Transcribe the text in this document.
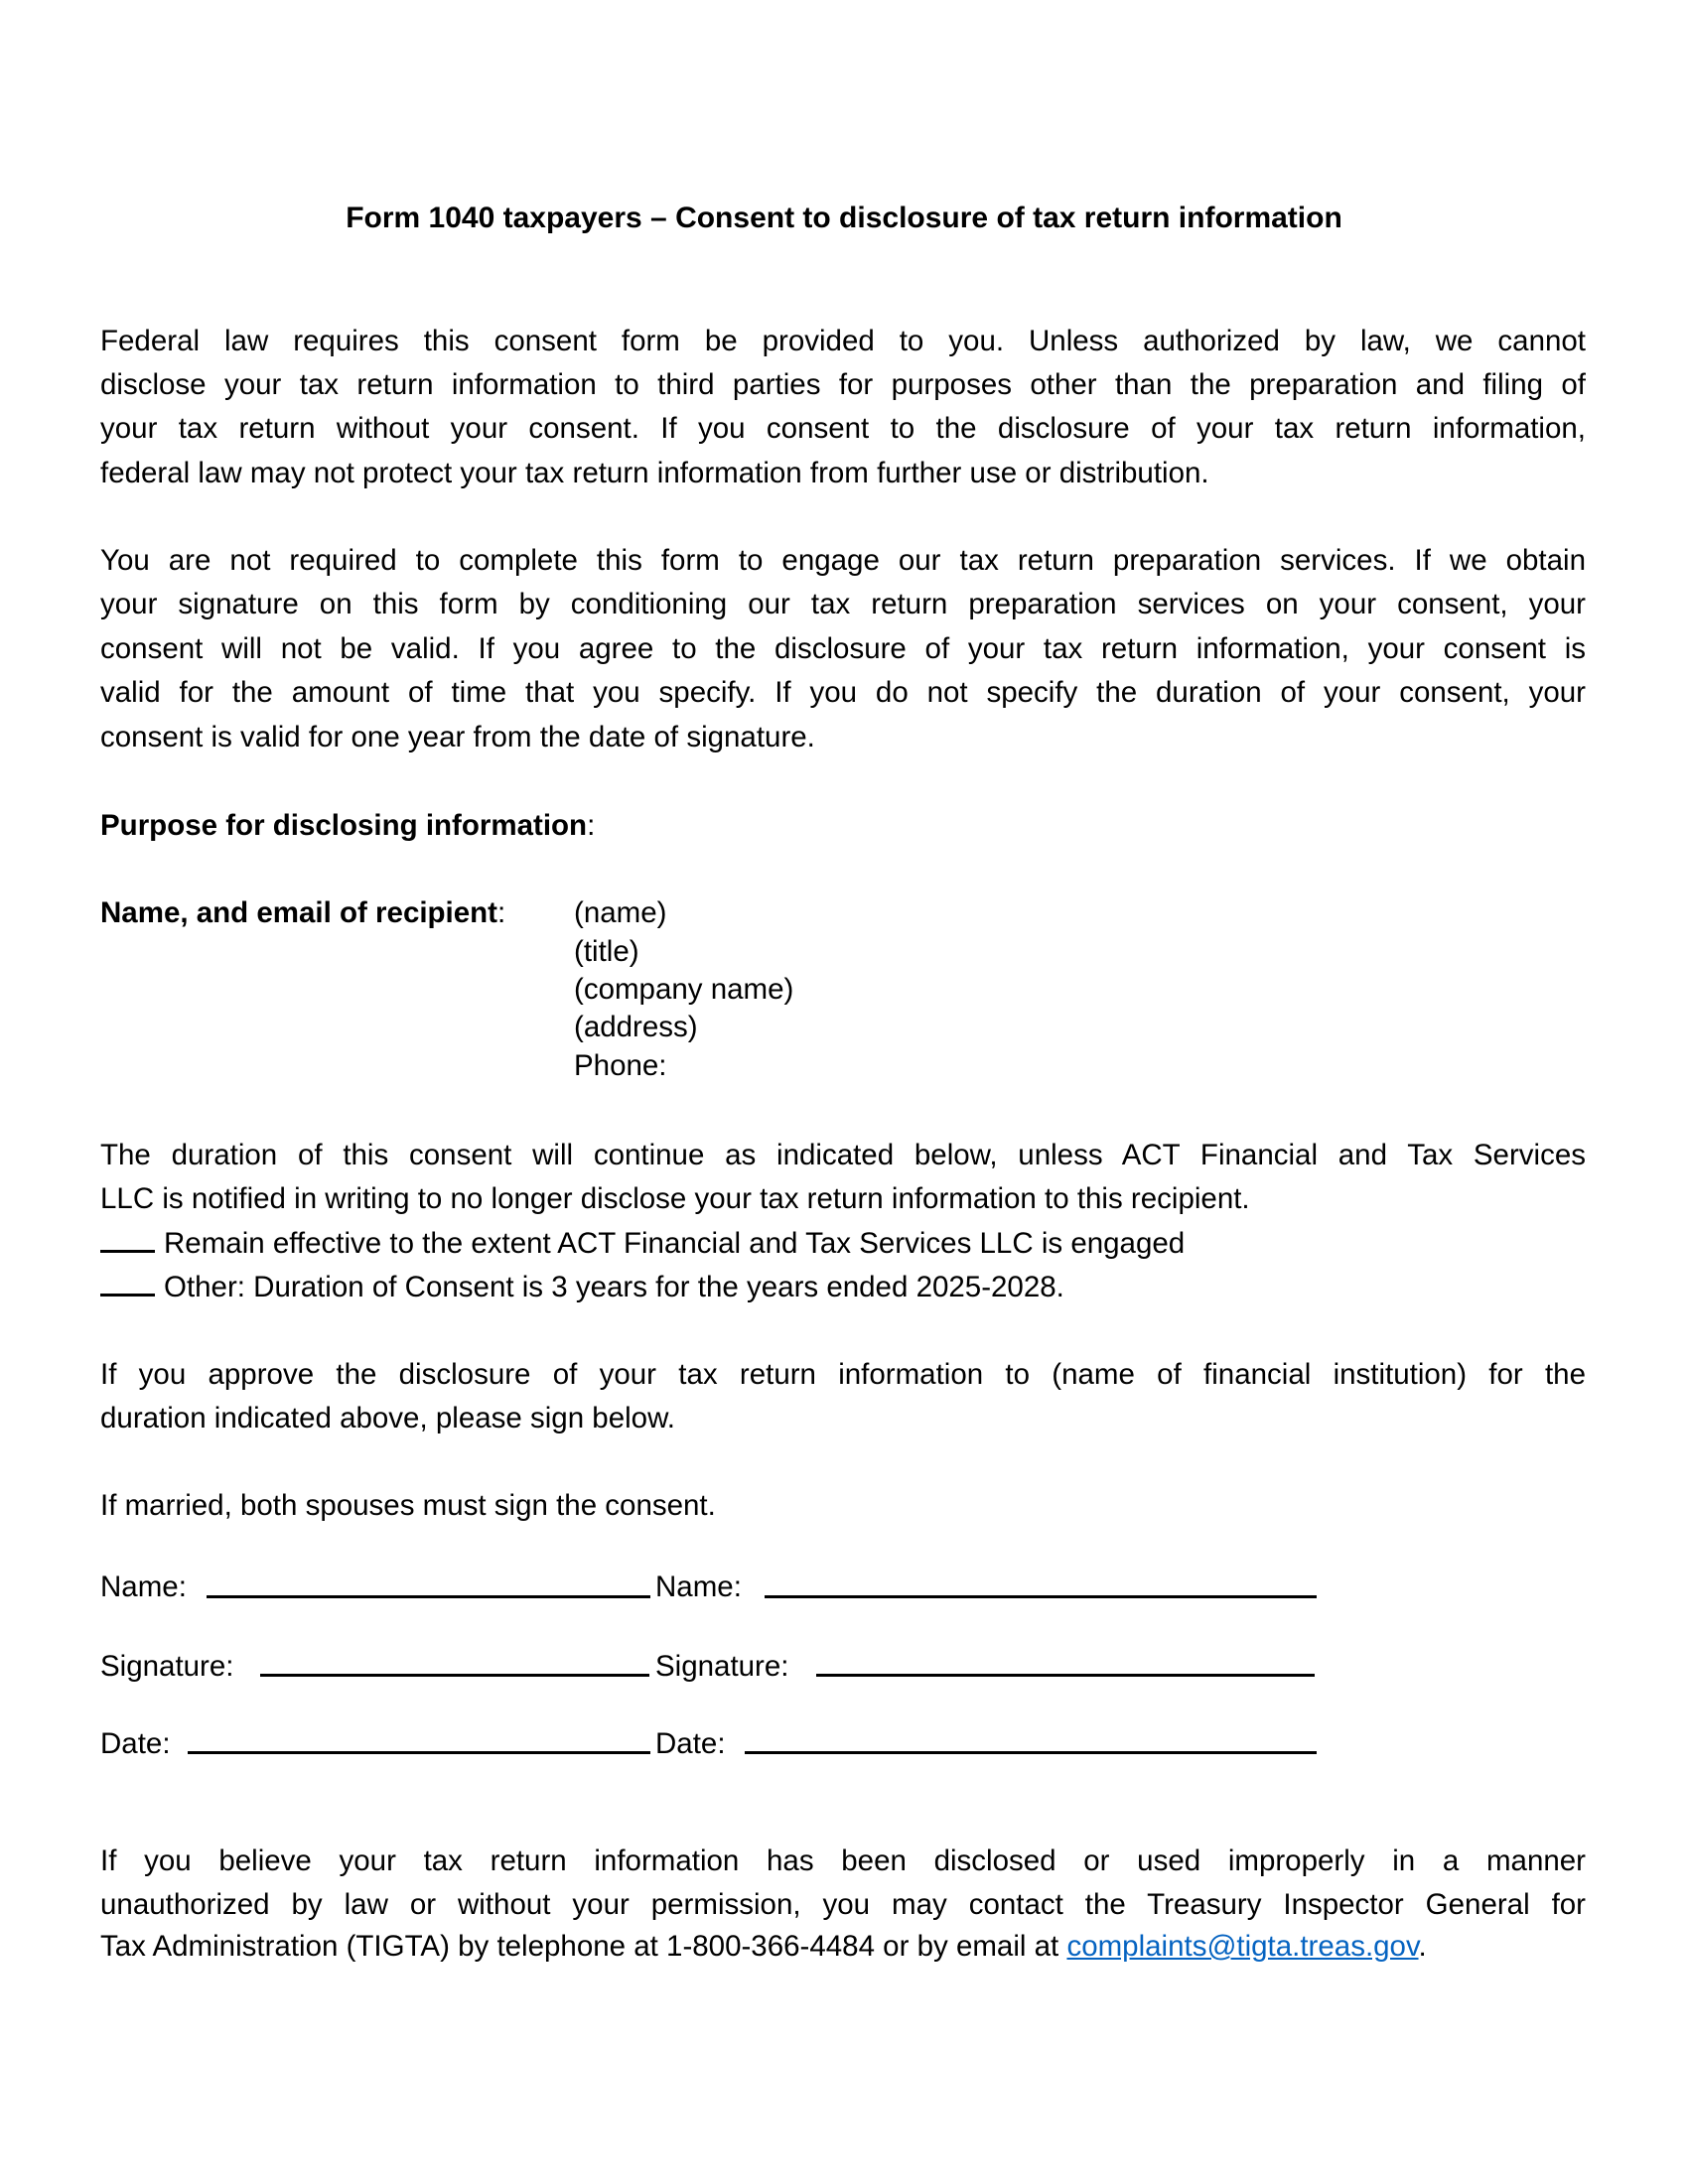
Form 1040 taxpayers – Consent to disclosure of tax return information
Federal law requires this consent form be provided to you. Unless authorized by law, we cannot
disclose your tax return information to third parties for purposes other than the preparation and filing of
your tax return without your consent. If you consent to the disclosure of your tax return information,
federal law may not protect your tax return information from further use or distribution.
You are not required to complete this form to engage our tax return preparation services. If we obtain
your signature on this form by conditioning our tax return preparation services on your consent, your
consent will not be valid. If you agree to the disclosure of your tax return information, your consent is
valid for the amount of time that you specify. If you do not specify the duration of your consent, your
consent is valid for one year from the date of signature.
Purpose for disclosing information:
Name, and email of recipient: (name)
(title)
(company name)
(address)
Phone:
The duration of this consent will continue as indicated below, unless ACT Financial and Tax Services
LLC is notified in writing to no longer disclose your tax return information to this recipient.
Remain effective to the extent ACT Financial and Tax Services LLC is engaged
Other: Duration of Consent is 3 years for the years ended 2025-2028.
If you approve the disclosure of your tax return information to (name of financial institution) for the
duration indicated above, please sign below.
If married, both spouses must sign the consent.
Name:
Signature:
Date:
Name:
Signature:
Date:
If you believe your tax return information has been disclosed or used improperly in a manner
unauthorized by law or without your permission, you may contact the Treasury Inspector General for
Tax Administration (TIGTA) by telephone at 1-800-366-4484 or by email at complaints@tigta.treas.gov.
